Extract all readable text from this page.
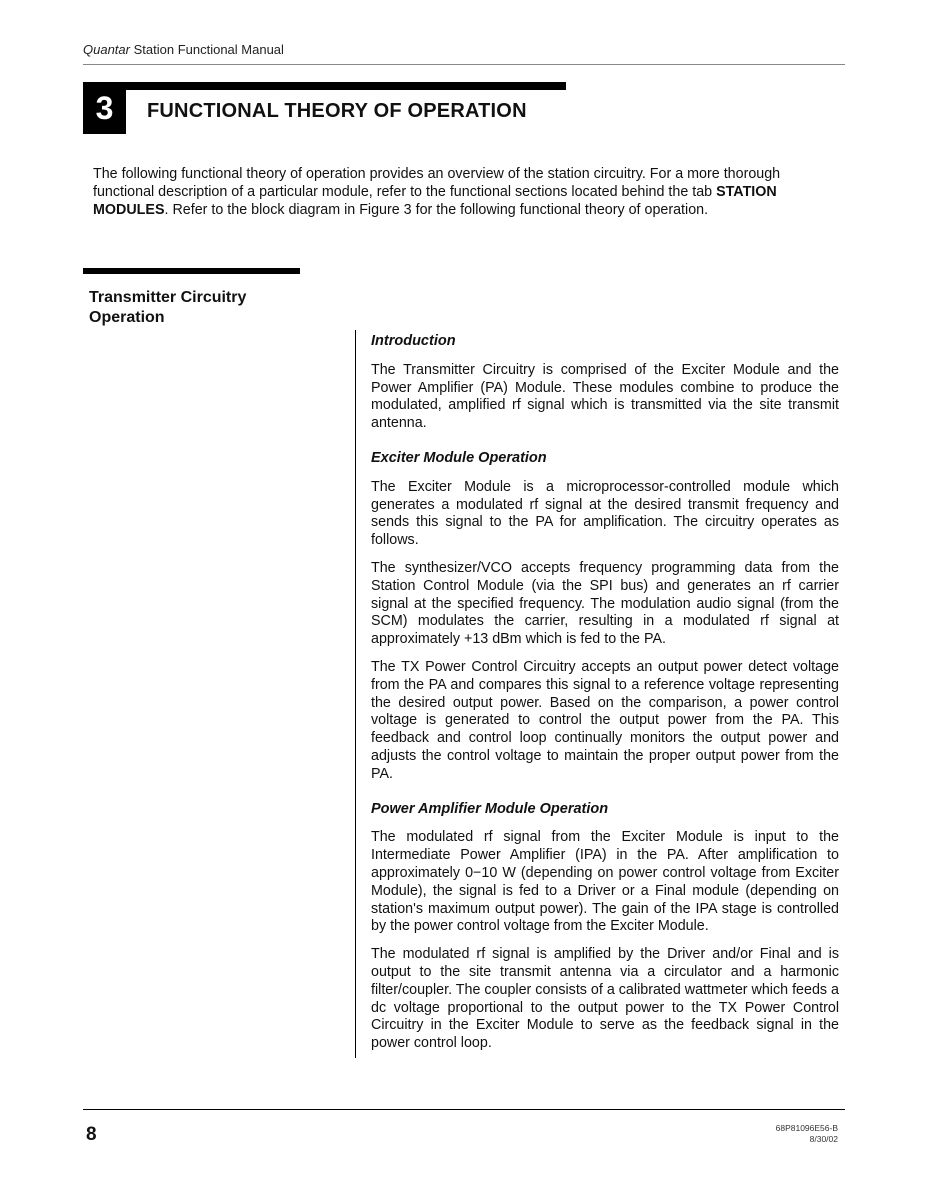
Quantar Station Functional Manual
3 FUNCTIONAL THEORY OF OPERATION
The following functional theory of operation provides an overview of the station circuitry. For a more thorough functional description of a particular module, refer to the functional sections located behind the tab STATION MODULES. Refer to the block diagram in Figure 3 for the following functional theory of operation.
Transmitter Circuitry Operation
Introduction

The Transmitter Circuitry is comprised of the Exciter Module and the Power Amplifier (PA) Module. These modules combine to produce the modulated, amplified rf signal which is transmitted via the site transmit antenna.

Exciter Module Operation

The Exciter Module is a microprocessor-controlled module which generates a modulated rf signal at the desired transmit frequency and sends this signal to the PA for amplification. The circuitry operates as follows.

The synthesizer/VCO accepts frequency programming data from the Station Control Module (via the SPI bus) and generates an rf carrier signal at the specified frequency. The modulation audio signal (from the SCM) modulates the carrier, resulting in a modulated rf signal at approximately +13 dBm which is fed to the PA.

The TX Power Control Circuitry accepts an output power detect voltage from the PA and compares this signal to a reference voltage representing the desired output power. Based on the comparison, a power control voltage is generated to control the output power from the PA. This feedback and control loop continually monitors the output power and adjusts the control voltage to maintain the proper output power from the PA.

Power Amplifier Module Operation

The modulated rf signal from the Exciter Module is input to the Intermediate Power Amplifier (IPA) in the PA. After amplification to approximately 0−10 W (depending on power control voltage from Exciter Module), the signal is fed to a Driver or a Final module (depending on station's maximum output power). The gain of the IPA stage is controlled by the power control voltage from the Exciter Module.

The modulated rf signal is amplified by the Driver and/or Final and is output to the site transmit antenna via a circulator and a harmonic filter/coupler. The coupler consists of a calibrated wattmeter which feeds a dc voltage proportional to the output power to the TX Power Control Circuitry in the Exciter Module to serve as the feedback signal in the power control loop.

8	68P81096E56-B
8/30/02
